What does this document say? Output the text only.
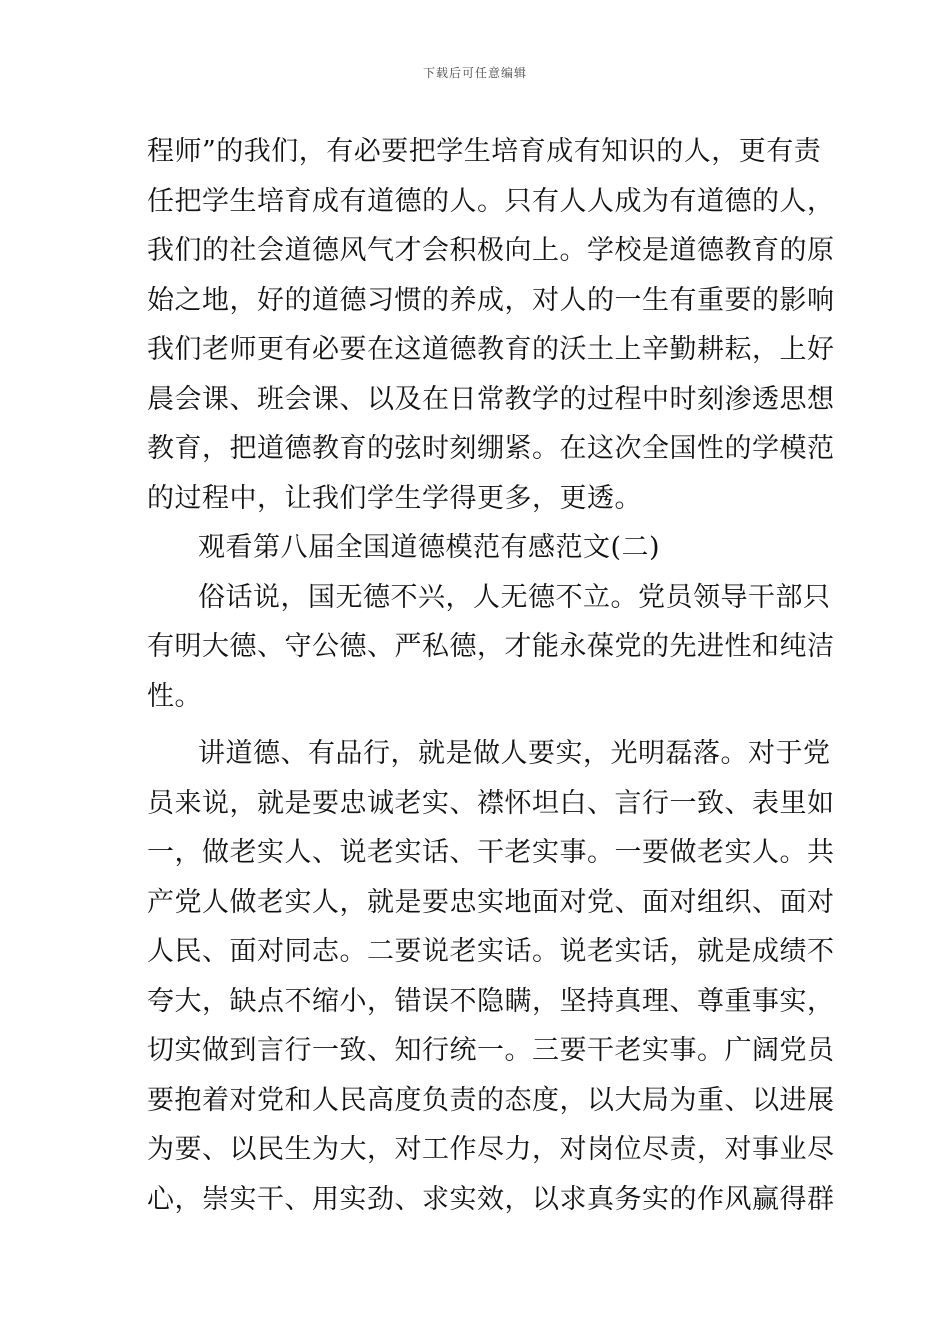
下载后可任意编辑
程师”的我们，有必要把学生培育成有知识的人，更有责
任把学生培育成有道德的人。只有人人成为有道德的人，
我们的社会道德风气才会积极向上。学校是道德教育的原
始之地，好的道德习惯的养成，对人的一生有重要的影响
我们老师更有必要在这道德教育的沃土上辛勤耕耘，上好
晨会课、班会课、以及在日常教学的过程中时刻渗透思想
教育，把道德教育的弦时刻绷紧。在这次全国性的学模范
的过程中，让我们学生学得更多，更透。
观看第八届全国道德模范有感范文(二)
俗话说，国无德不兴，人无德不立。党员领导干部只
有明大德、守公德、严私德，才能永葆党的先进性和纯洁
性。
讲道德、有品行，就是做人要实，光明磊落。对于党
员来说，就是要忠诚老实、襟怀坦白、言行一致、表里如
一，做老实人、说老实话、干老实事。一要做老实人。共
产党人做老实人，就是要忠实地面对党、面对组织、面对
人民、面对同志。二要说老实话。说老实话，就是成绩不
夸大，缺点不缩小，错误不隐瞒，坚持真理、尊重事实，
切实做到言行一致、知行统一。三要干老实事。广阔党员
要抱着对党和人民高度负责的态度，以大局为重、以进展
为要、以民生为大，对工作尽力，对岗位尽责，对事业尽
心，崇实干、用实劲、求实效，以求真务实的作风赢得群
